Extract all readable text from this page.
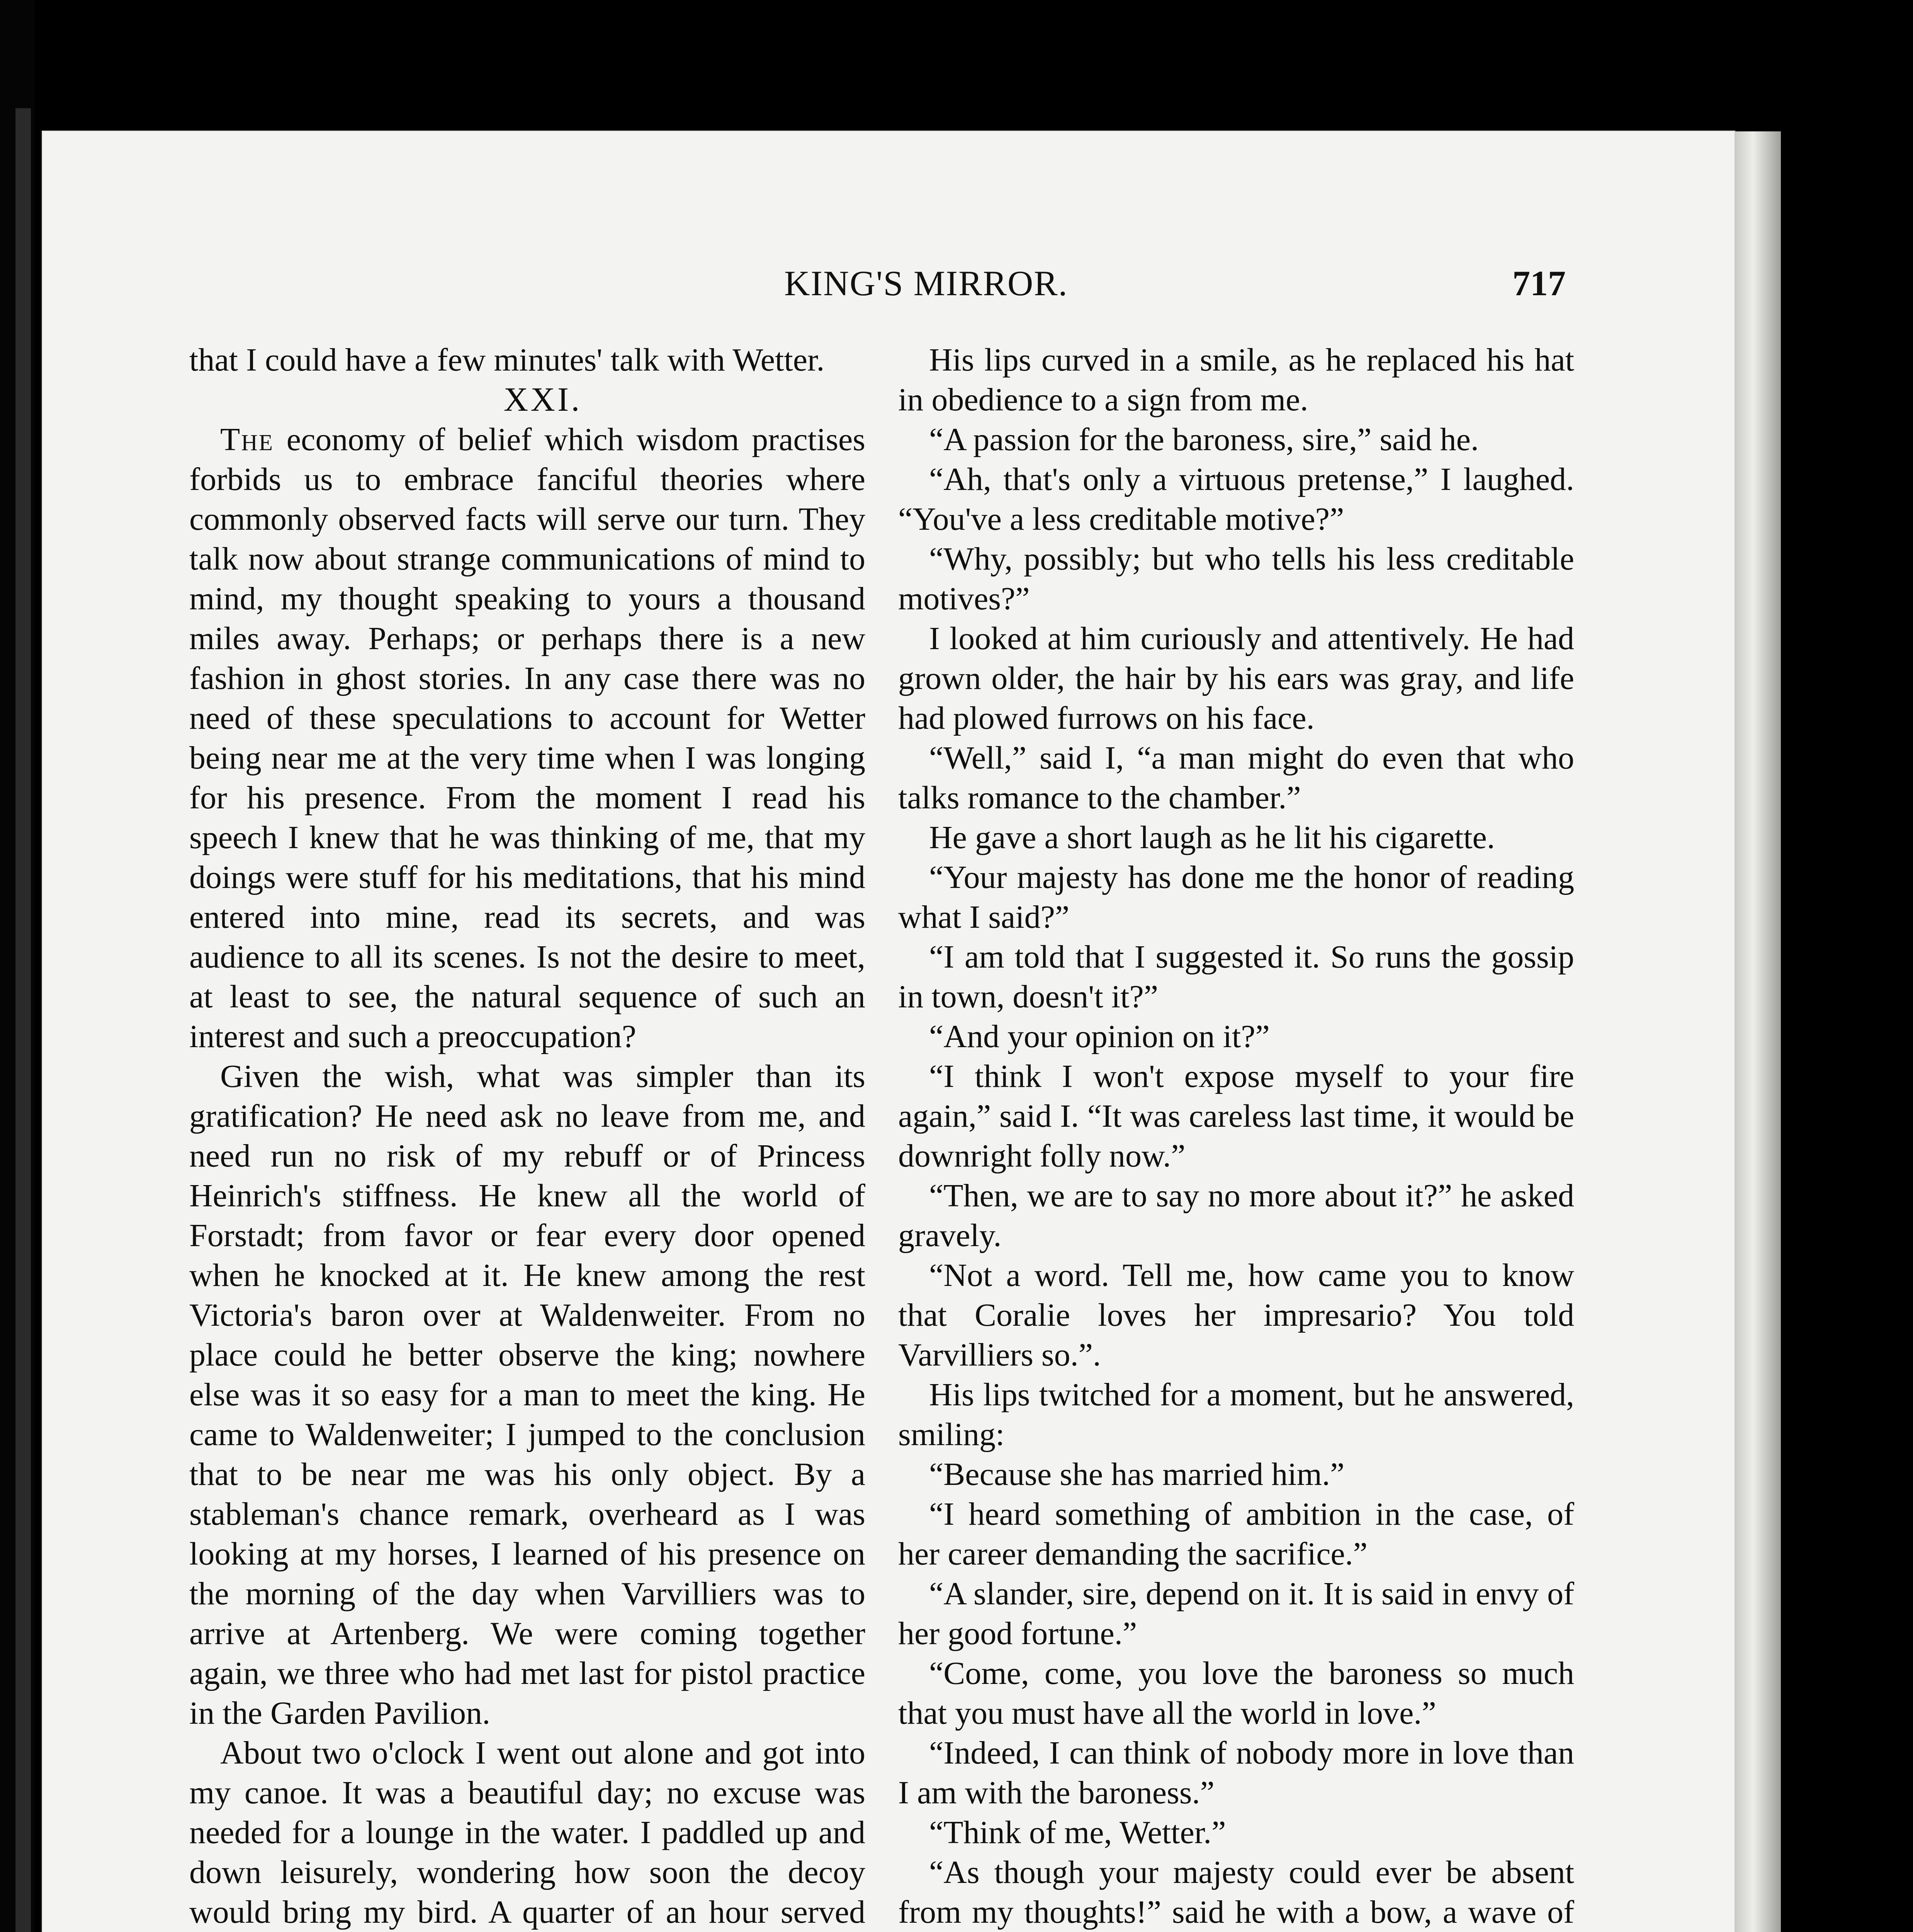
KING'S MIRROR.	717

that I could have a few minutes' talk with Wetter.

XXI.

The economy of belief which wisdom practises forbids us to embrace fanciful theories where commonly observed facts will serve our turn. They talk now about strange communications of mind to mind, my thought speaking to yours a thousand miles away. Perhaps; or perhaps there is a new fashion in ghost stories. In any case there was no need of these speculations to account for Wetter being near me at the very time when I was longing for his presence. From the moment I read his speech I knew that he was thinking of me, that my doings were stuff for his meditations, that his mind entered into mine, read its secrets, and was audience to all its scenes. Is not the desire to meet, at least to see, the natural sequence of such an interest and such a preoccupation?

Given the wish, what was simpler than its gratification? He need ask no leave from me, and need run no risk of my rebuff or of Princess Heinrich's stiffness. He knew all the world of Forstadt; from favor or fear every door opened when he knocked at it. He knew among the rest Victoria's baron over at Waldenweiter. From no place could he better observe the king; nowhere else was it so easy for a man to meet the king. He came to Waldenweiter; I jumped to the conclusion that to be near me was his only object. By a stableman's chance remark, overheard as I was looking at my horses, I learned of his presence on the morning of the day when Varvilliers was to arrive at Artenberg. We were coming together again, we three who had met last for pistol practice in the Garden Pavilion.

About two o'clock I went out alone and got into my canoe. It was a beautiful day; no excuse was needed for a lounge in the water. I paddled up and down leisurely, wondering how soon the decoy would bring my bird. A quarter of an hour served

His lips curved in a smile, as he replaced his hat in obedience to a sign from me.

“A passion for the baroness, sire,” said he.

“Ah, that's only a virtuous pretense,” I laughed. “You've a less creditable motive?”

“Why, possibly; but who tells his less creditable motives?”

I looked at him curiously and attentively. He had grown older, the hair by his ears was gray, and life had plowed furrows on his face.

“Well,” said I, “a man might do even that who talks romance to the chamber.”

He gave a short laugh as he lit his cigarette.

“Your majesty has done me the honor of reading what I said?”

“I am told that I suggested it. So runs the gossip in town, doesn't it?”

“And your opinion on it?”

“I think I won't expose myself to your fire again,” said I. “It was careless last time, it would be downright folly now.”

“Then, we are to say no more about it?” he asked gravely.

“Not a word. Tell me, how came you to know that Coralie loves her impresario? You told Varvilliers so.”.

His lips twitched for a moment, but he answered, smiling:

“Because she has married him.”

“I heard something of ambition in the case, of her career demanding the sacrifice.”

“A slander, sire, depend on it. It is said in envy of her good fortune.”

“Come, come, you love the baroness so much that you must have all the world in love.”

“Indeed, I can think of nobody more in love than I am with the baroness.”

“Think of me, Wetter.”

“As though your majesty could ever be absent from my thoughts!” said he with a bow, a wave of
